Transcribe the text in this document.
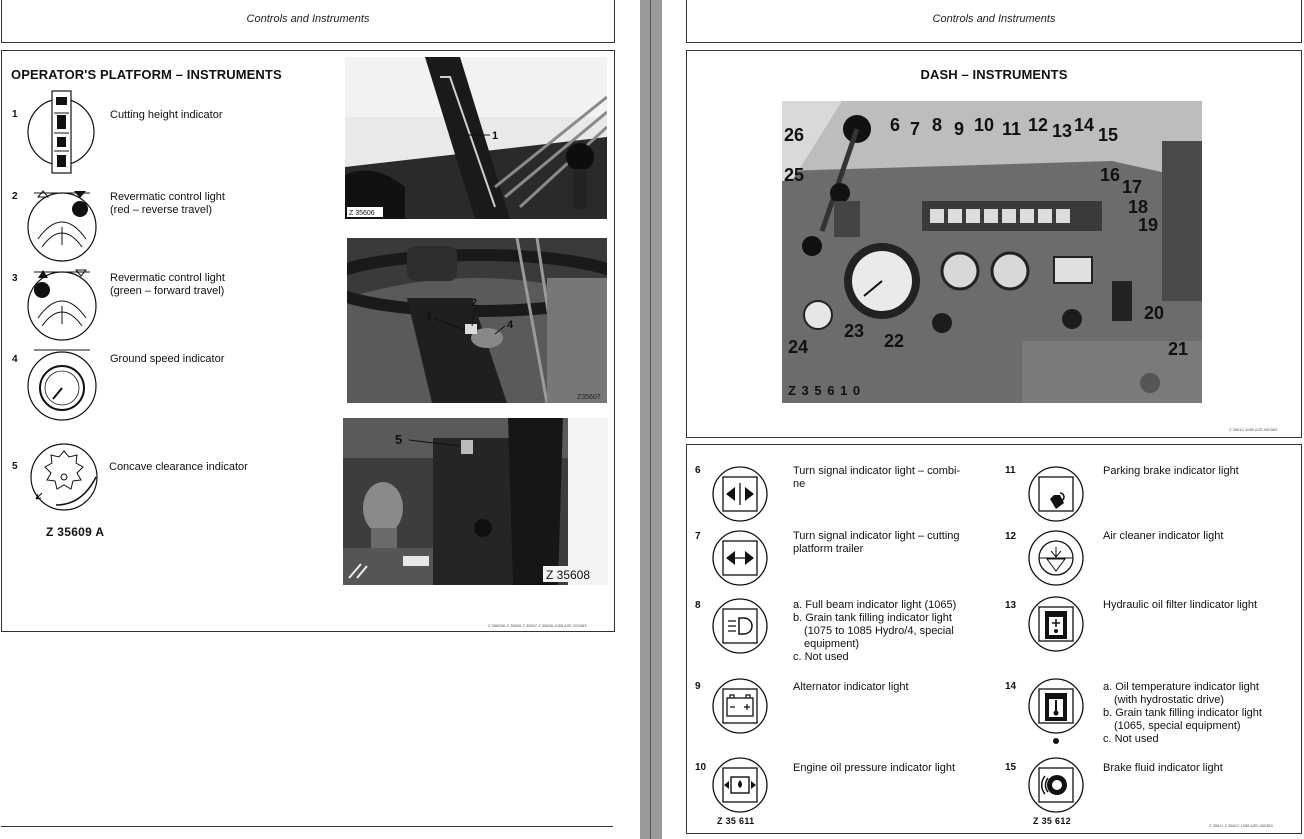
Controls and Instruments
OPERATOR'S PLATFORM – INSTRUMENTS
1	Cutting height indicator
2	Revermatic control light
(red – reverse travel)
3	Revermatic control light
(green – forward travel)
4	Ground speed indicator
5	Concave clearance indicator
Z 35609 A
1
Z 35606
2
3
4
Z35607
5
Z 35608
Z 35609A-Z 35606 Z 35607 Z 35608-1065 AZE 200583
Controls and Instruments
DASH – INSTRUMENTS
26
25
6 7 8 9 10 11 12 13 14 15
16
17
18
19
20
21
22
23
24
Z 3 5 6 1 0
Z 35610-1065 AZE-080383
6	Turn signal indicator light – combi-
ne
7	Turn signal indicator light – cutting
platform trailer
8	a. Full beam indicator light (1065)
b. Grain tank filling indicator light
(1075 to 1085 Hydro/4, special
equipment)
c. Not used
9	Alternator indicator light
10	Engine oil pressure indicator light
Z 35 611
11	Parking brake indicator light
12	Air cleaner indicator light
13	Hydraulic oil filter lindicator light
14	a. Oil temperature indicator light
(with hydrostatic drive)
b. Grain tank filling indicator light
(1065, special equipment)
c. Not used
15	Brake fluid indicator light
Z 35 612	Z 35611 Z 35612-1065 AZE-080383
